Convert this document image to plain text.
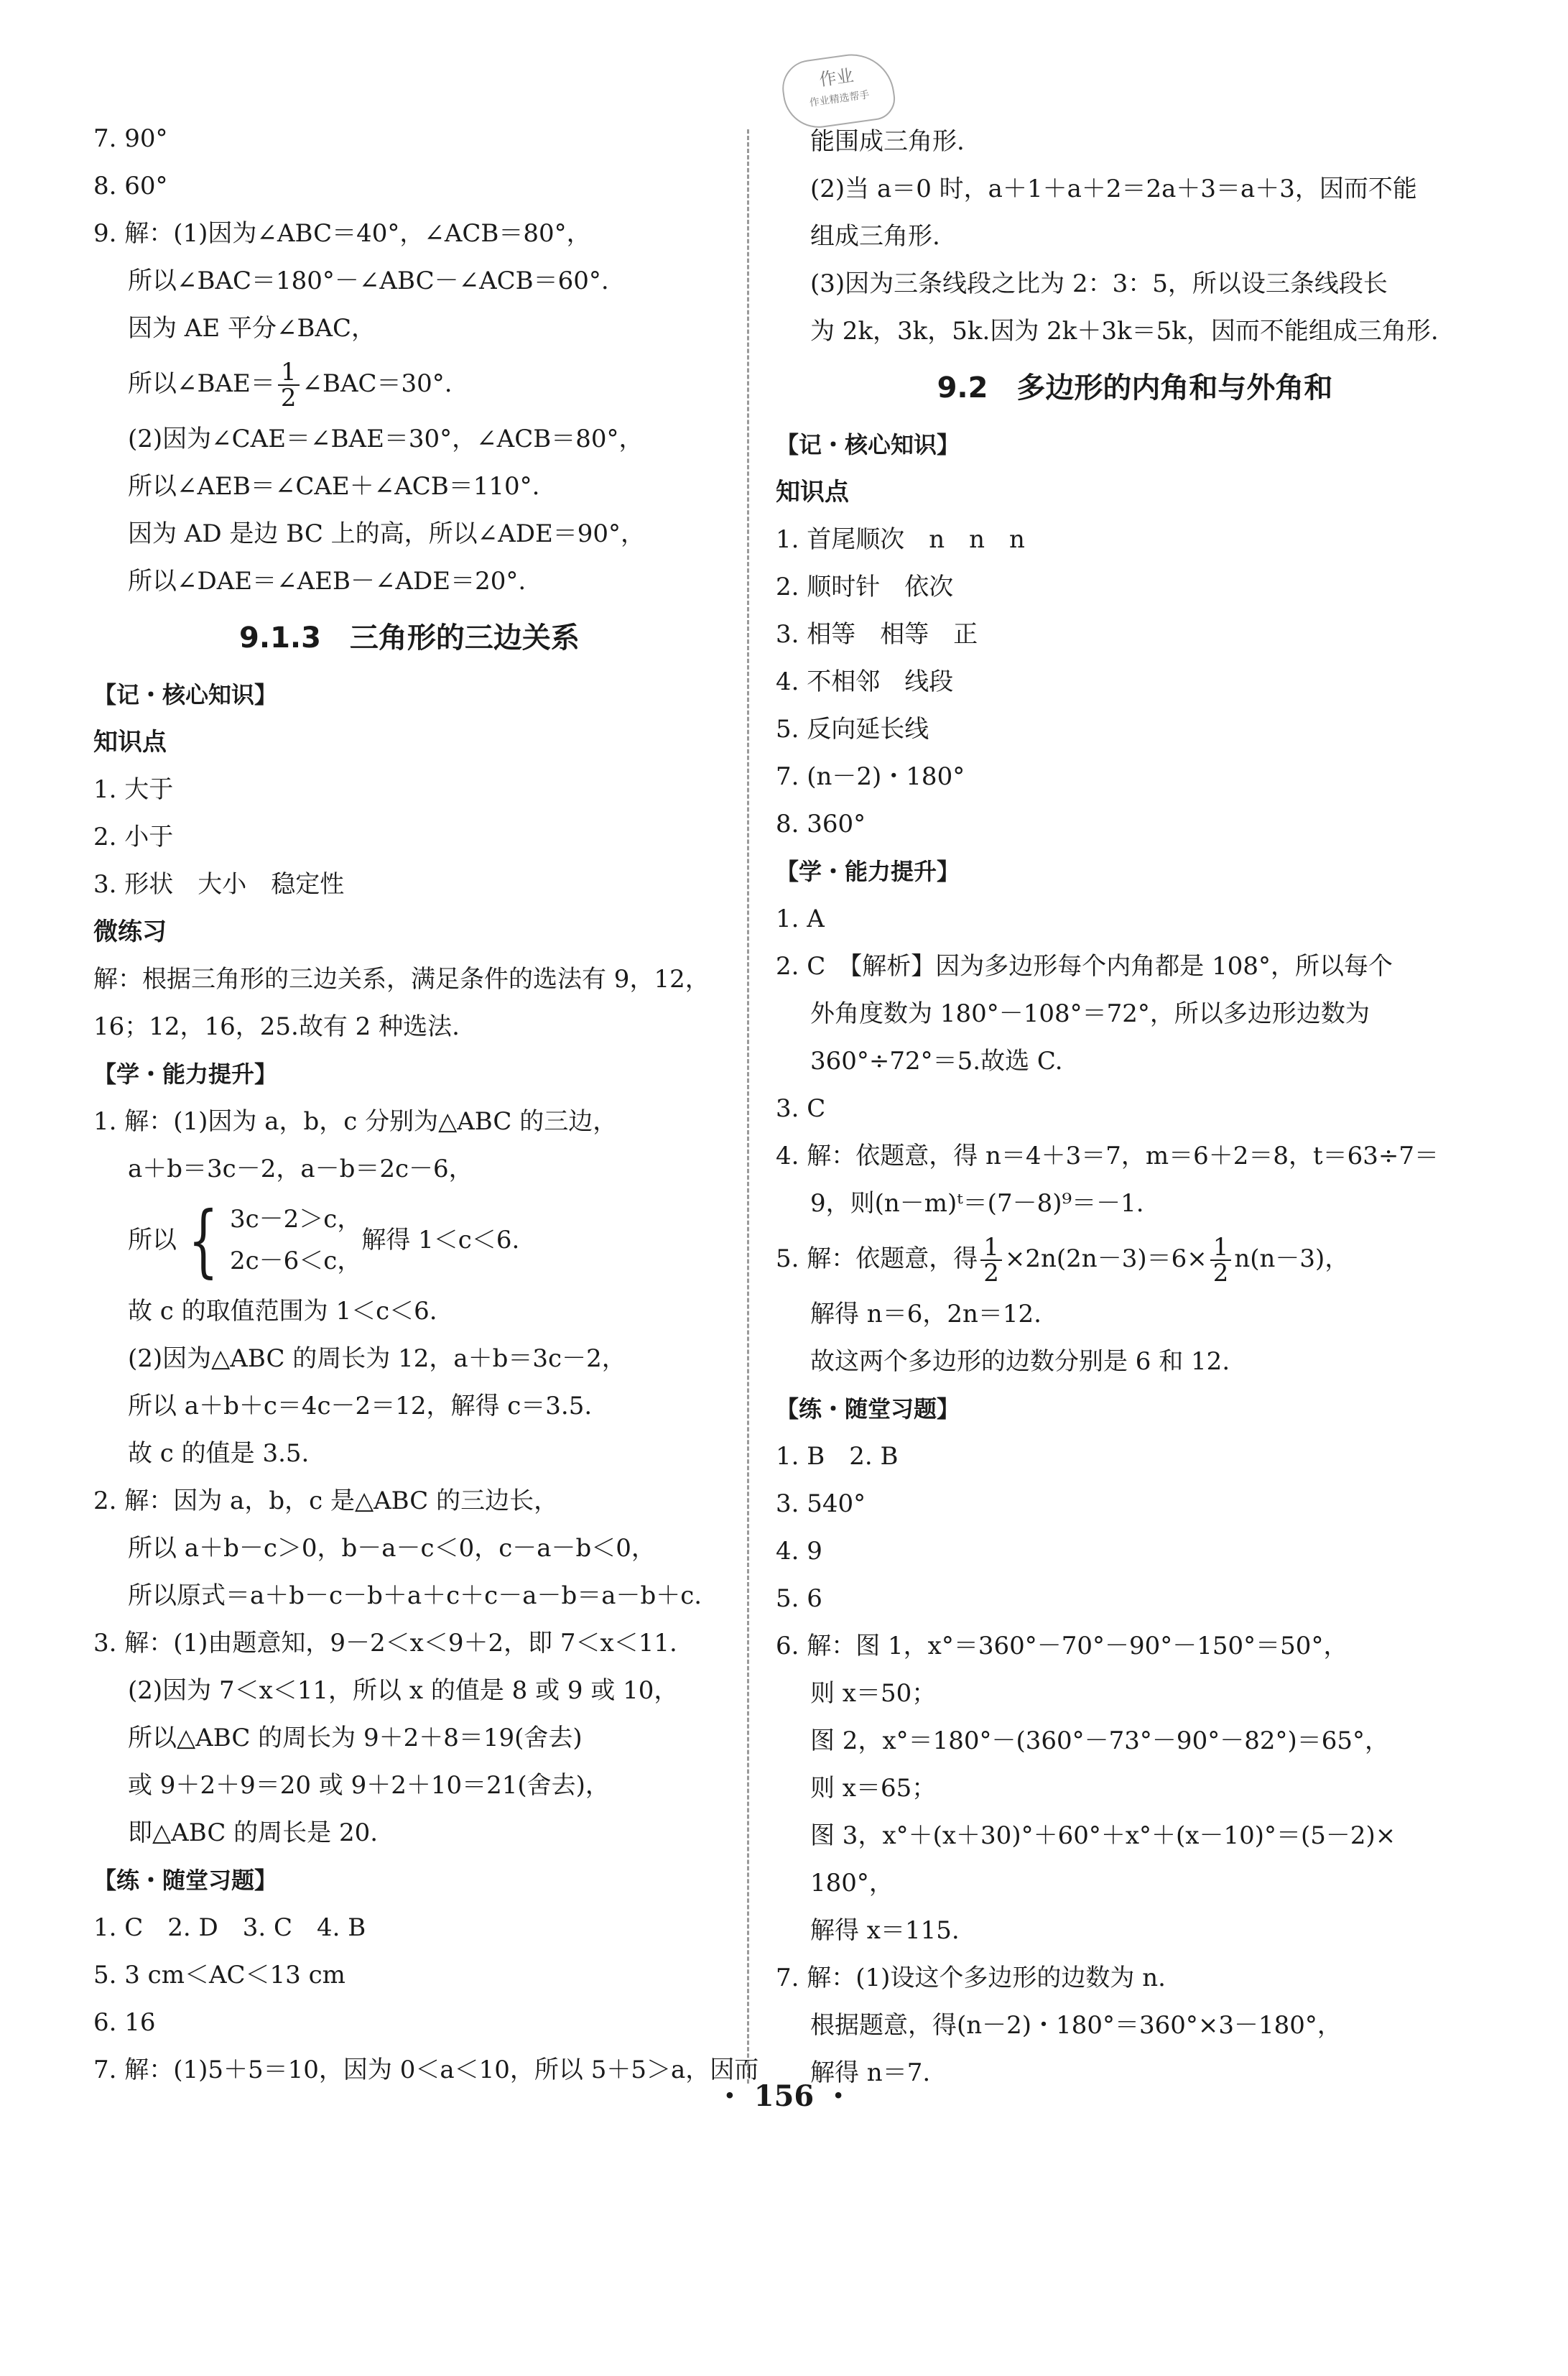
作业
作业精选帮手
7. 90°
8. 60°
9. 解：(1)因为∠ABC＝40°，∠ACB＝80°，
所以∠BAC＝180°－∠ABC－∠ACB＝60°.
因为 AE 平分∠BAC，
所以∠BAE＝ $\frac{1}{2}$ ∠BAC＝30°.
(2)因为∠CAE＝∠BAE＝30°，∠ACB＝80°，
所以∠AEB＝∠CAE＋∠ACB＝110°.
因为 AD 是边 BC 上的高，所以∠ADE＝90°，
所以∠DAE＝∠AEB－∠ADE＝20°.
9.1.3　三角形的三边关系
【记・核心知识】
知识点
1. 大于
2. 小于
3. 形状　大小　稳定性
微练习
解：根据三角形的三边关系，满足条件的选法有 9，12，
16；12，16，25.故有 2 种选法.
【学・能力提升】
1. 解：(1)因为 a，b，c 分别为△ABC 的三边，
a＋b＝3c－2，a－b＝2c－6，
所以 { 3c－2＞c，
2c－6＜c，
解得 1＜c＜6.
故 c 的取值范围为 1＜c＜6.
(2)因为△ABC 的周长为 12，a＋b＝3c－2，
所以 a＋b＋c＝4c－2＝12，解得 c＝3.5.
故 c 的值是 3.5.
2. 解：因为 a，b，c 是△ABC 的三边长，
所以 a＋b－c＞0，b－a－c＜0，c－a－b＜0，
所以原式＝a＋b－c－b＋a＋c＋c－a－b＝a－b＋c.
3. 解：(1)由题意知，9－2＜x＜9＋2，即 7＜x＜11.
(2)因为 7＜x＜11，所以 x 的值是 8 或 9 或 10，
所以△ABC 的周长为 9＋2＋8＝19(舍去)
或 9＋2＋9＝20 或 9＋2＋10＝21(舍去)，
即△ABC 的周长是 20.
【练・随堂习题】
1. C　2. D　3. C　4. B
5. 3 cm＜AC＜13 cm
6. 16
7. 解：(1)5＋5＝10，因为 0＜a＜10，所以 5＋5＞a，因而
能围成三角形.
(2)当 a＝0 时，a＋1＋a＋2＝2a＋3＝a＋3，因而不能
组成三角形.
(3)因为三条线段之比为 2：3：5，所以设三条线段长
为 2k，3k，5k.因为 2k＋3k＝5k，因而不能组成三角形.
9.2　多边形的内角和与外角和
【记・核心知识】
知识点
1. 首尾顺次　n　n　n
2. 顺时针　依次
3. 相等　相等　正
4. 不相邻　线段
5. 反向延长线
7. (n－2)・180°
8. 360°
【学・能力提升】
1. A
2. C　【解析】因为多边形每个内角都是 108°，所以每个
外角度数为 180°－108°＝72°，所以多边形边数为
360°÷72°＝5.故选 C.
3. C
4. 解：依题意，得 n＝4＋3＝7，m＝6＋2＝8，t＝63÷7＝
9，则(n－m)ᵗ＝(7－8)⁹＝－1.
5. 解：依题意，得 $\frac{1}{2} \times 2n(2n-3)=6\times \frac{1}{2} n(n-3)$，
解得 n＝6，2n＝12.
故这两个多边形的边数分别是 6 和 12.
【练・随堂习题】
1. B　2. B
3. 540°
4. 9
5. 6
6. 解：图 1，x°＝360°－70°－90°－150°＝50°，
则 x＝50；
图 2，x°＝180°－(360°－73°－90°－82°)＝65°，
则 x＝65；
图 3，x°＋(x＋30)°＋60°＋x°＋(x－10)°＝(5－2)×
180°，
解得 x＝115.
7. 解：(1)设这个多边形的边数为 n.
根据题意，得(n－2)・180°＝360°×3－180°，
解得 n＝7.
・ 156 ・
